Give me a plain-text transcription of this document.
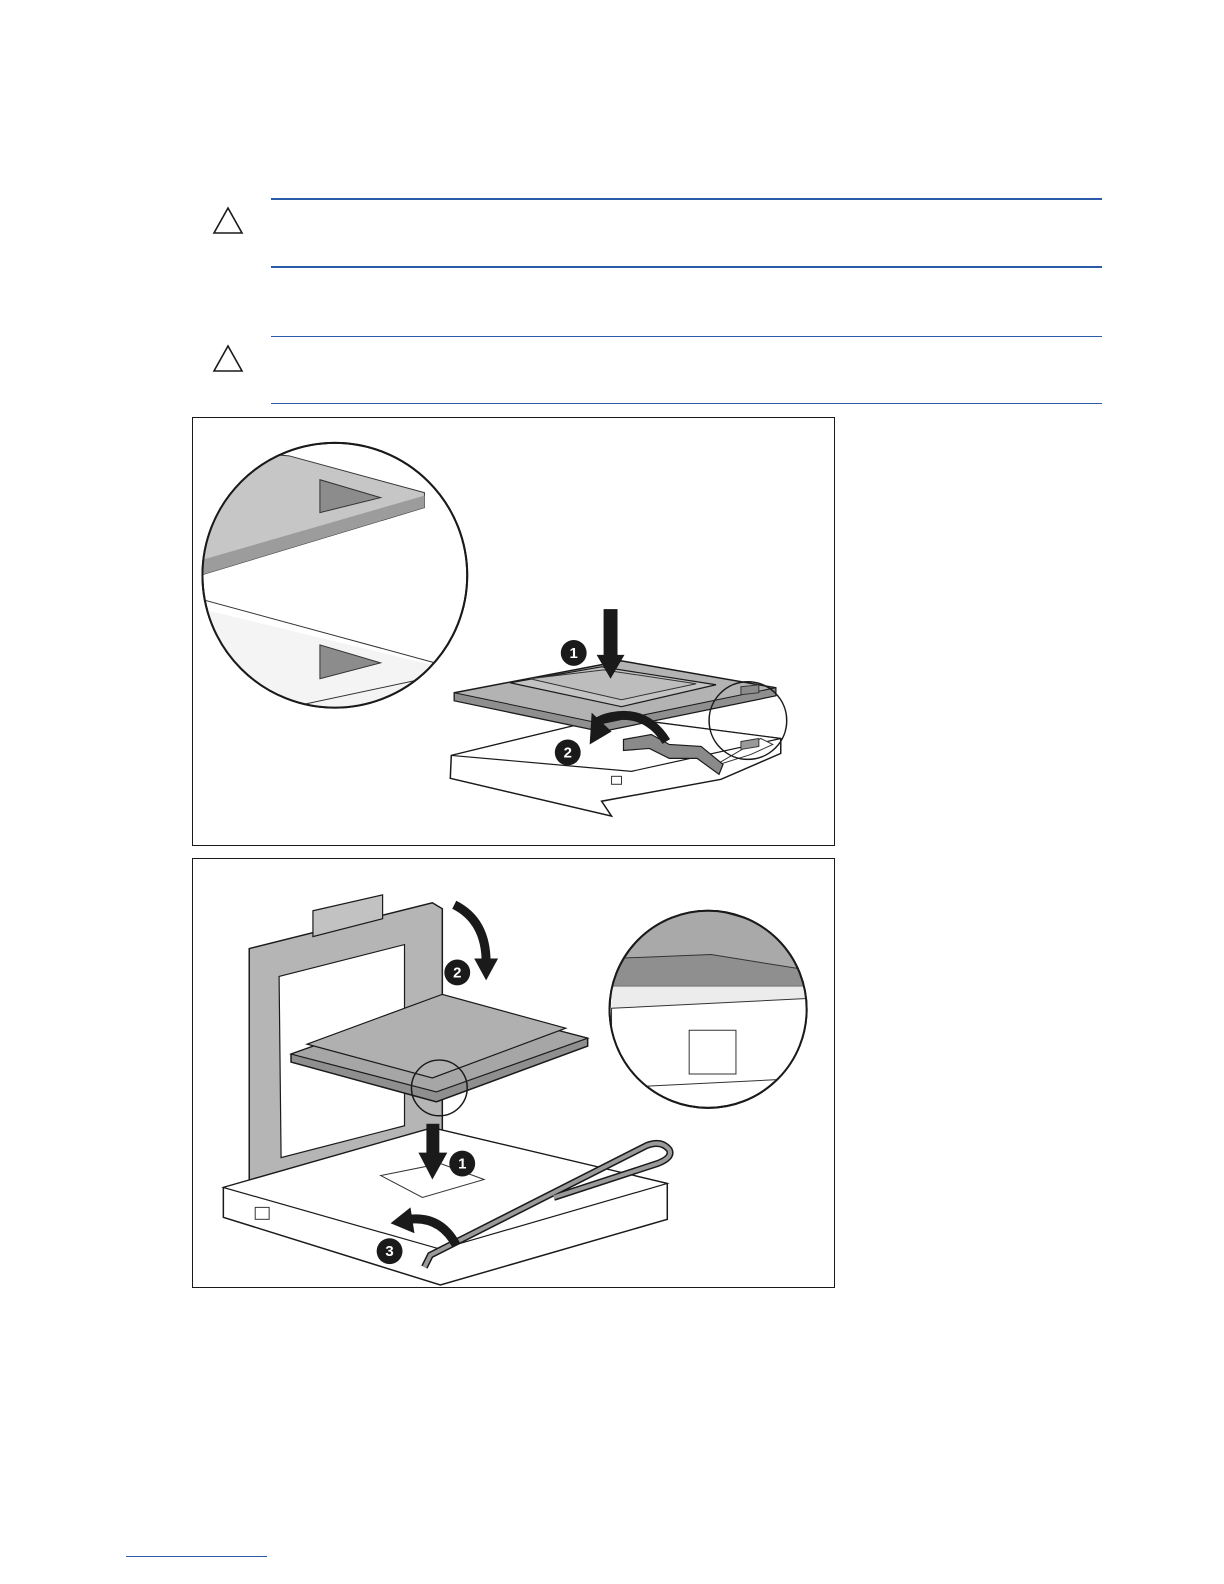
1
2
2
1
3
